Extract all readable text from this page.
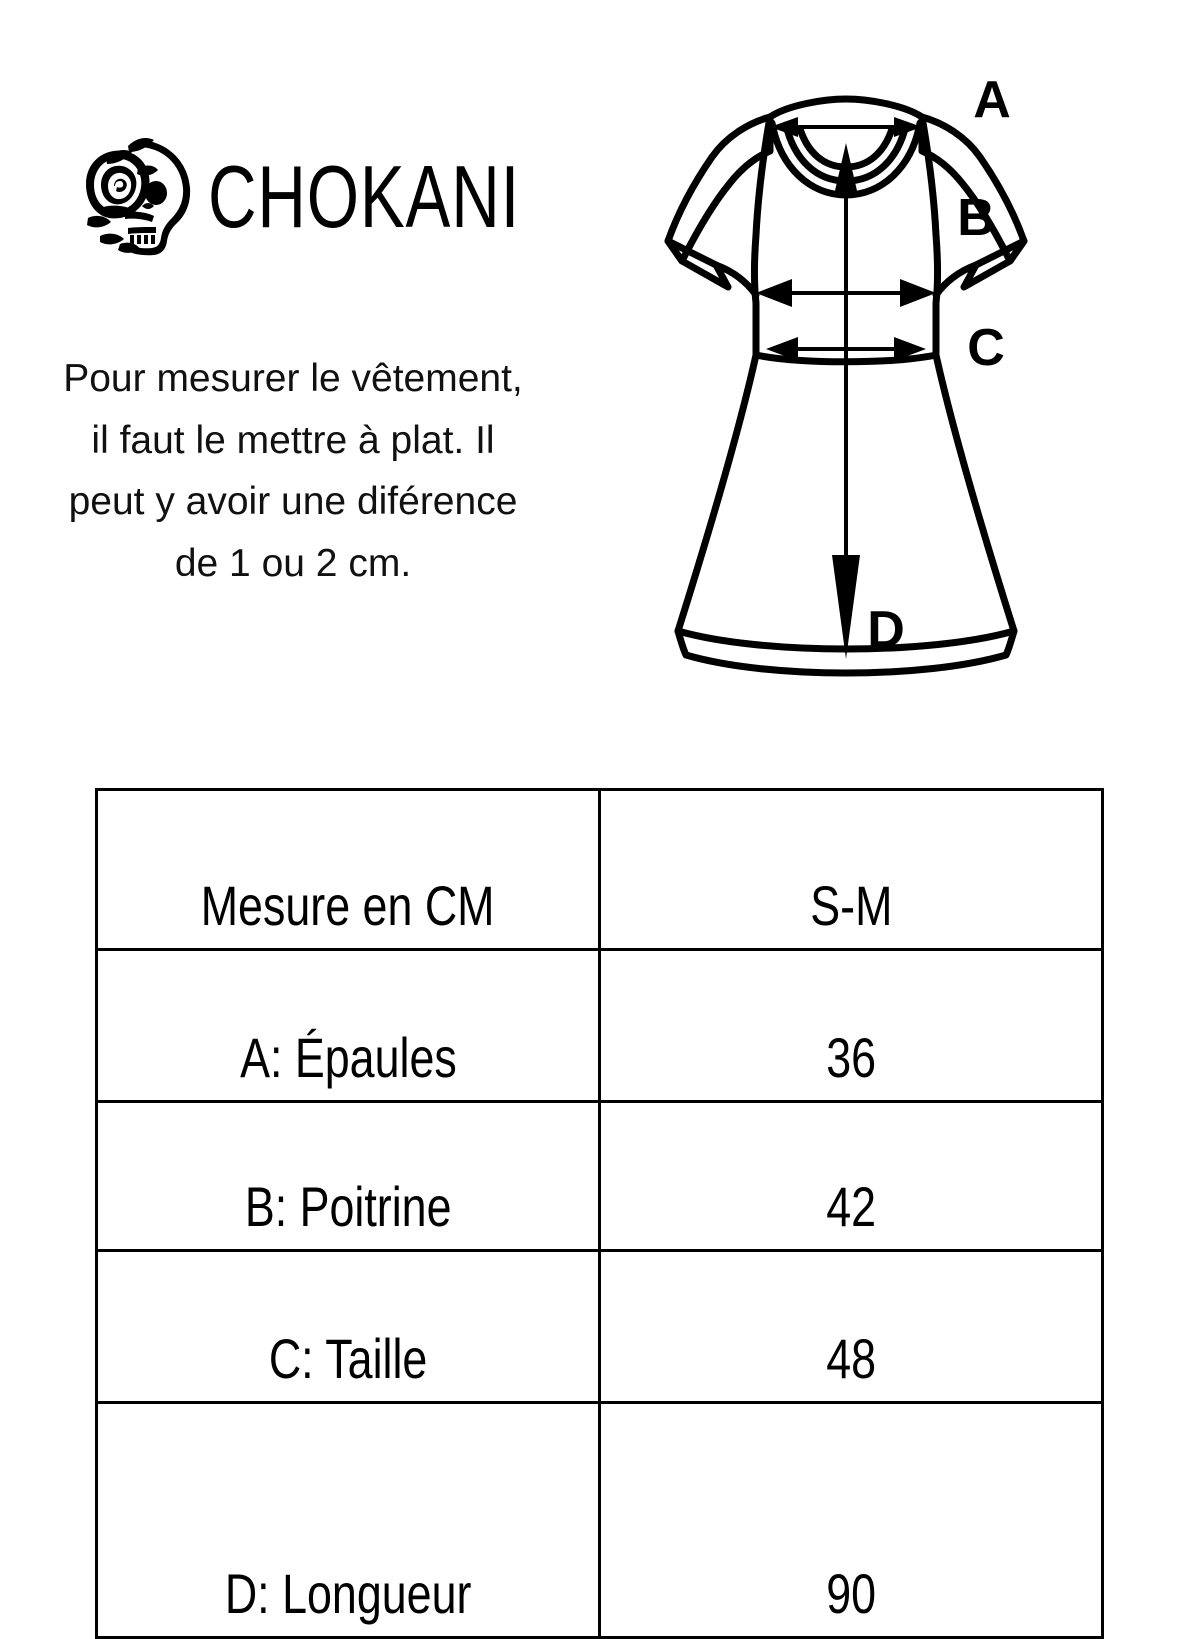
CHOKANI
Pour mesurer le vêtement, il faut le mettre à plat. Il peut y avoir une diférence de 1 ou 2 cm.
A
B
C
D
Mesure en CM	S-M
A: Épaules	36
B: Poitrine	42
C: Taille	48
D: Longueur	90
